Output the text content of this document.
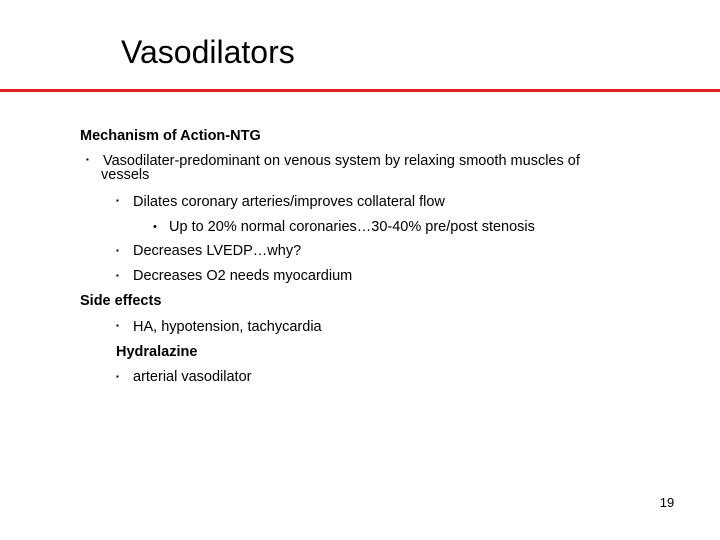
Vasodilators
Mechanism of Action-NTG
▪ Vasodilater-predominant on venous system by relaxing smooth muscles of
vessels
▪ Dilates coronary arteries/improves collateral flow
• Up to 20% normal coronaries…30-40% pre/post stenosis
▪ Decreases LVEDP…why?
▪ Decreases O2 needs myocardium
Side effects
▪ HA, hypotension, tachycardia
Hydralazine
▪ arterial vasodilator
19
